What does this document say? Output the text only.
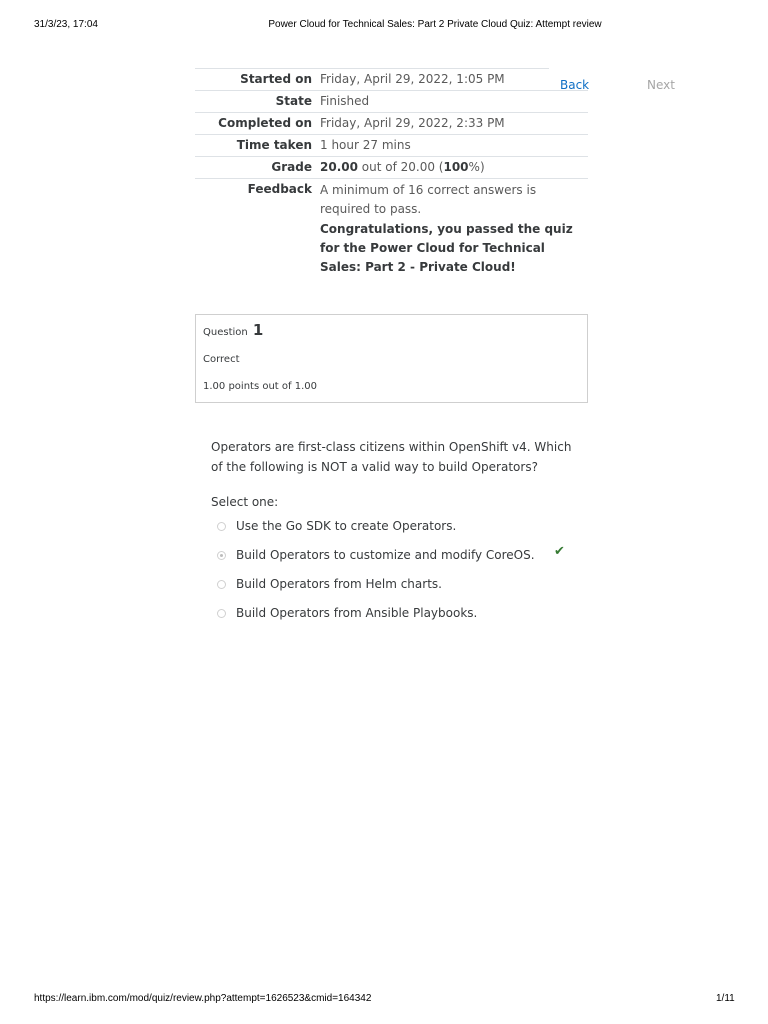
31/3/23, 17:04	Power Cloud for Technical Sales: Part 2 Private Cloud Quiz: Attempt review
Started on Friday, April 29, 2022, 1:05 PM
State Finished
Completed on Friday, April 29, 2022, 2:33 PM
Time taken 1 hour 27 mins
Grade 20.00 out of 20.00 (100%)
Feedback A minimum of 16 correct answers is required to pass.
Congratulations, you passed the quiz for the Power Cloud for Technical Sales: Part 2 - Private Cloud!
Back	Next
Question 1
Correct
1.00 points out of 1.00
Operators are first-class citizens within OpenShift v4. Which of the following is NOT a valid way to build Operators?
Select one:
Use the Go SDK to create Operators.
Build Operators to customize and modify CoreOS. ✔
Build Operators from Helm charts.
Build Operators from Ansible Playbooks.
https://learn.ibm.com/mod/quiz/review.php?attempt=1626523&cmid=164342	1/11
